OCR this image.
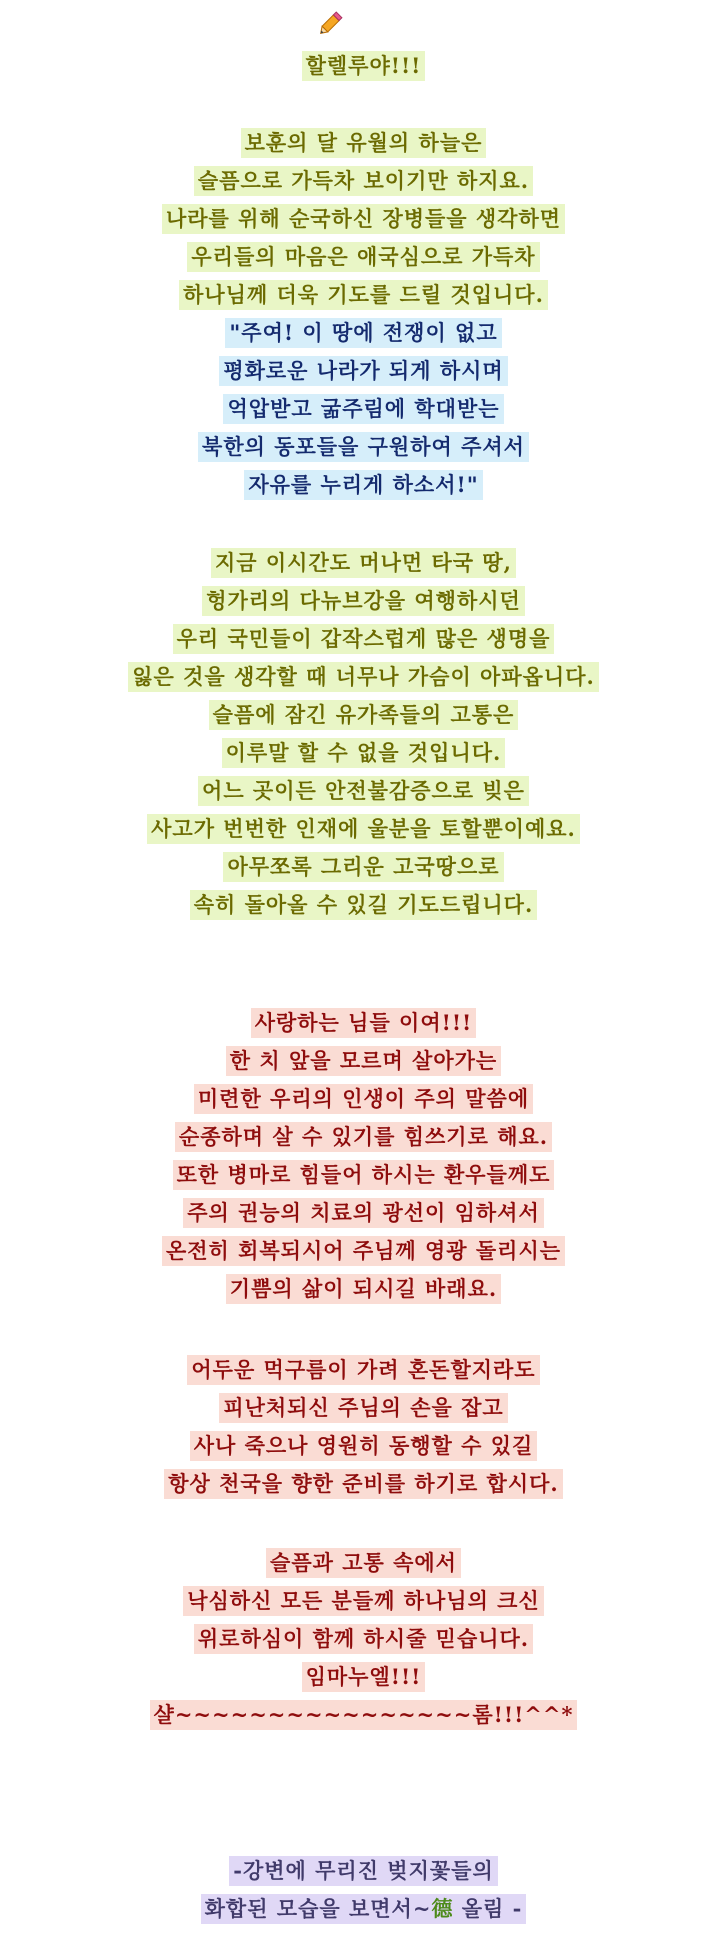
할렐루야!!!
보훈의 달 유월의 하늘은
슬픔으로 가득차 보이기만 하지요.
나라를 위해 순국하신 장병들을 생각하면
우리들의 마음은 애국심으로 가득차
하나님께 더욱 기도를 드릴 것입니다.
"주여! 이 땅에 전쟁이 없고
평화로운 나라가 되게 하시며
억압받고 굶주림에 학대받는
북한의 동포들을 구원하여 주셔서
자유를 누리게 하소서!"
지금 이시간도 머나먼 타국 땅,
헝가리의 다뉴브강을 여행하시던
우리 국민들이 갑작스럽게 많은 생명을
잃은 것을 생각할 때 너무나 가슴이 아파옵니다.
슬픔에 잠긴 유가족들의 고통은
이루말 할 수 없을 것입니다.
어느 곳이든 안전불감증으로 빚은
사고가 번번한 인재에 울분을 토할뿐이예요.
아무쪼록 그리운 고국땅으로
속히 돌아올 수 있길 기도드립니다.
사랑하는 님들 이여!!!
한 치 앞을 모르며 살아가는
미련한 우리의 인생이 주의 말씀에
순종하며 살 수 있기를 힘쓰기로 해요.
또한 병마로 힘들어 하시는 환우들께도
주의 권능의 치료의 광선이 임하셔서
온전히 회복되시어 주님께 영광 돌리시는
기쁨의 삶이 되시길 바래요.
어두운 먹구름이 가려 혼돈할지라도
피난처되신 주님의 손을 잡고
사나 죽으나 영원히 동행할 수 있길
항상 천국을 향한 준비를 하기로 합시다.
슬픔과 고통 속에서
낙심하신 모든 분들께 하나님의 크신
위로하심이 함께 하시줄 믿습니다.
임마누엘!!!
샬~~~~~~~~~~~~~~~~롬!!!^^*
-강변에 무리진 벚지꽃들의
화합된 모습을 보면서~德 올림 -
